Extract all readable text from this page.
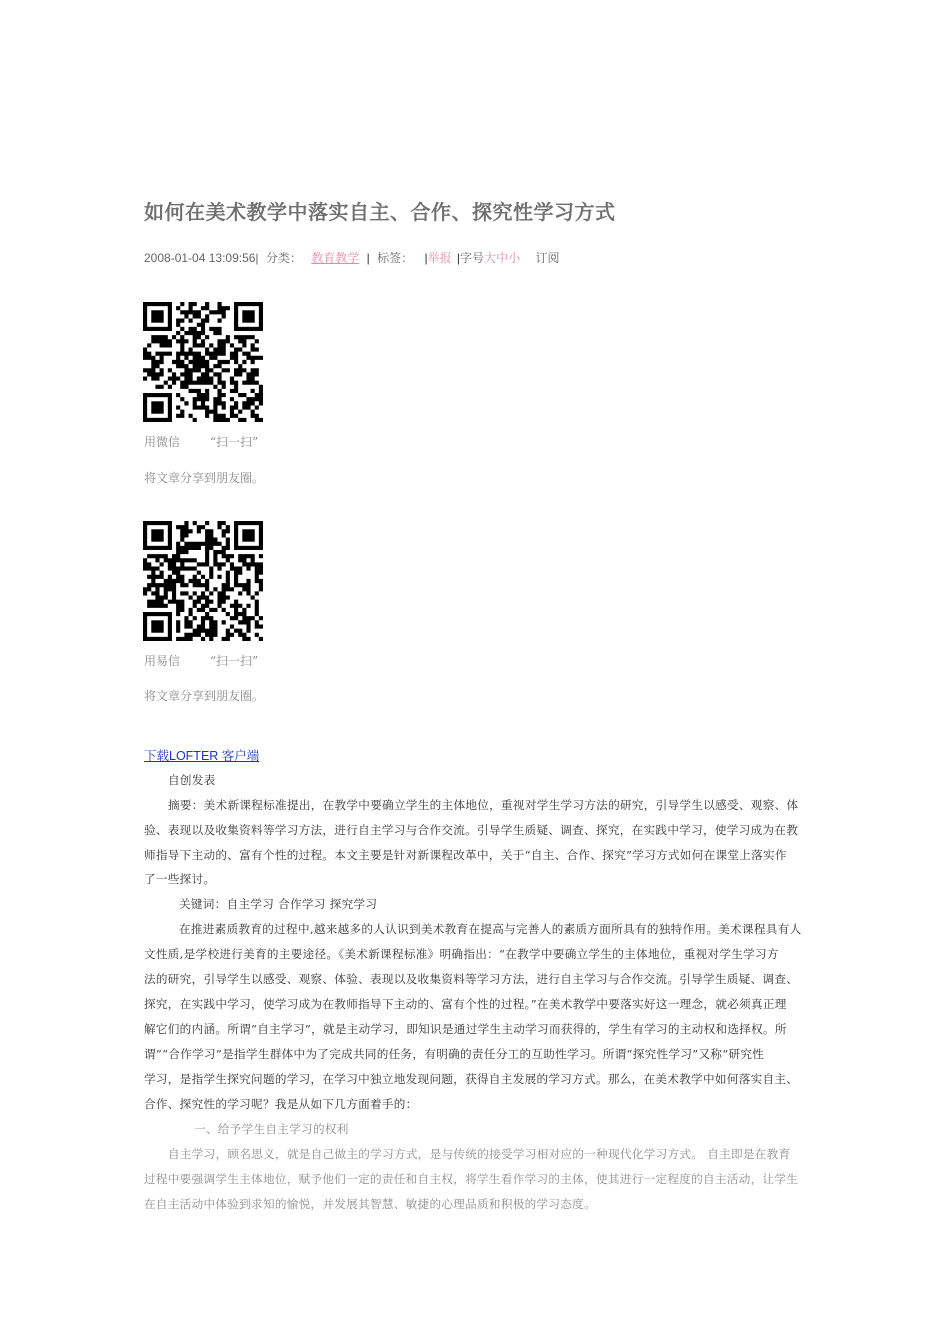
如何在美术教学中落实自主、合作、探究性学习方式
2008-01-04 13:09:56| 分类： 教育教学 | 标签： |举报 |字号大中小 订阅
用微信	“扫一扫”
将文章分享到朋友圈。
用易信	“扫一扫”
将文章分享到朋友圈。
下载LOFTER 客户端
自创发表
摘要：美术新课程标准提出，在教学中要确立学生的主体地位，重视对学生学习方法的研究，引导学生以感受、观察、体
验、表现以及收集资料等学习方法，进行自主学习与合作交流。引导学生质疑、调查、探究，在实践中学习，使学习成为在教
师指导下主动的、富有个性的过程。本文主要是针对新课程改革中，关于“自主、合作、探究”学习方式如何在课堂上落实作
了一些探讨。
关键词：自主学习 合作学习 探究学习
在推进素质教育的过程中,越来越多的人认识到美术教育在提高与完善人的素质方面所具有的独特作用。美术课程具有人
文性质,是学校进行美育的主要途径。《美术新课程标准》明确指出：“在教学中要确立学生的主体地位，重视对学生学习方
法的研究，引导学生以感受、观察、体验、表现以及收集资料等学习方法，进行自主学习与合作交流。引导学生质疑、调查、
探究，在实践中学习，使学习成为在教师指导下主动的、富有个性的过程。”在美术教学中要落实好这一理念，就必须真正理
解它们的内涵。所谓“自主学习”，就是主动学习，即知识是通过学生主动学习而获得的，学生有学习的主动权和选择权。所
谓”“合作学习”是指学生群体中为了完成共同的任务，有明确的责任分工的互助性学习。所谓“探究性学习”又称“研究性
学习，是指学生探究问题的学习，在学习中独立地发现问题，获得自主发展的学习方式。那么，在美术教学中如何落实自主、
合作、探究性的学习呢？我是从如下几方面着手的：
一、给予学生自主学习的权利
自主学习，顾名思义，就是自己做主的学习方式，是与传统的接受学习相对应的一种现代化学习方式。 自主即是在教育
过程中要强调学生主体地位，赋予他们一定的责任和自主权，将学生看作学习的主体，使其进行一定程度的自主活动，让学生
在自主活动中体验到求知的愉悦，并发展其智慧、敏捷的心理品质和积极的学习态度。
